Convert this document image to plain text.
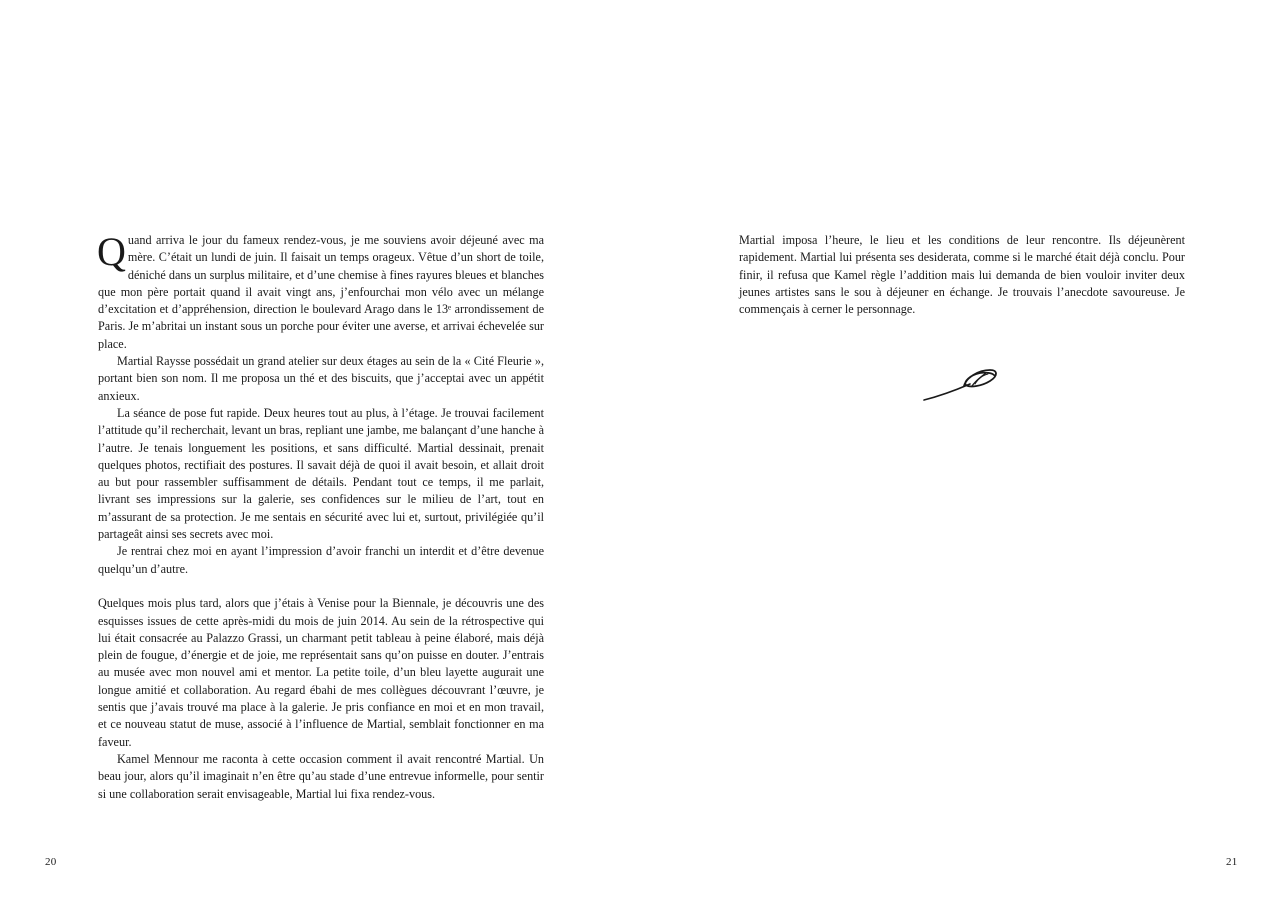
Quand arriva le jour du fameux rendez-vous, je me souviens avoir déjeuné avec ma mère. C’était un lundi de juin. Il faisait un temps orageux. Vêtue d’un short de toile, déniché dans un surplus militaire, et d’une chemise à fines rayures bleues et blanches que mon père portait quand il avait vingt ans, j’enfourchai mon vélo avec un mélange d’excitation et d’appréhension, direction le boulevard Arago dans le 13ᵉ arrondissement de Paris. Je m’abritai un instant sous un porche pour éviter une averse, et arrivai échevelée sur place.

Martial Raysse possédait un grand atelier sur deux étages au sein de la « Cité Fleurie », portant bien son nom. Il me proposa un thé et des biscuits, que j’acceptai avec un appétit anxieux.

La séance de pose fut rapide. Deux heures tout au plus, à l’étage. Je trouvai facilement l’attitude qu’il recherchait, levant un bras, repliant une jambe, me balançant d’une hanche à l’autre. Je tenais longuement les positions, et sans difficulté. Martial dessinait, prenait quelques photos, rectifiait des postures. Il savait déjà de quoi il avait besoin, et allait droit au but pour rassembler suffisamment de détails. Pendant tout ce temps, il me parlait, livrant ses impressions sur la galerie, ses confidences sur le milieu de l’art, tout en m’assurant de sa protection. Je me sentais en sécurité avec lui et, surtout, privilégiée qu’il partageât ainsi ses secrets avec moi.

Je rentrai chez moi en ayant l’impression d’avoir franchi un interdit et d’être devenue quelqu’un d’autre.

Quelques mois plus tard, alors que j’étais à Venise pour la Biennale, je découvris une des esquisses issues de cette après-midi du mois de juin 2014. Au sein de la rétrospective qui lui était consacrée au Palazzo Grassi, un charmant petit tableau à peine élaboré, mais déjà plein de fougue, d’énergie et de joie, me représentait sans qu’on puisse en douter. J’entrais au musée avec mon nouvel ami et mentor. La petite toile, d’un bleu layette augurait une longue amitié et collaboration. Au regard ébahi de mes collègues découvrant l’œuvre, je sentis que j’avais trouvé ma place à la galerie. Je pris confiance en moi et en mon travail, et ce nouveau statut de muse, associé à l’influence de Martial, semblait fonctionner en ma faveur.

Kamel Mennour me raconta à cette occasion comment il avait rencontré Martial. Un beau jour, alors qu’il imaginait n’en être qu’au stade d’une entrevue informelle, pour sentir si une collaboration serait envisageable, Martial lui fixa rendez-vous.

Martial imposa l’heure, le lieu et les conditions de leur rencontre. Ils déjeunèrent rapidement. Martial lui présenta ses desiderata, comme si le marché était déjà conclu. Pour finir, il refusa que Kamel règle l’addition mais lui demanda de bien vouloir inviter deux jeunes artistes sans le sou à déjeuner en échange. Je trouvais l’anecdote savoureuse. Je commençais à cerner le personnage.

20	21
